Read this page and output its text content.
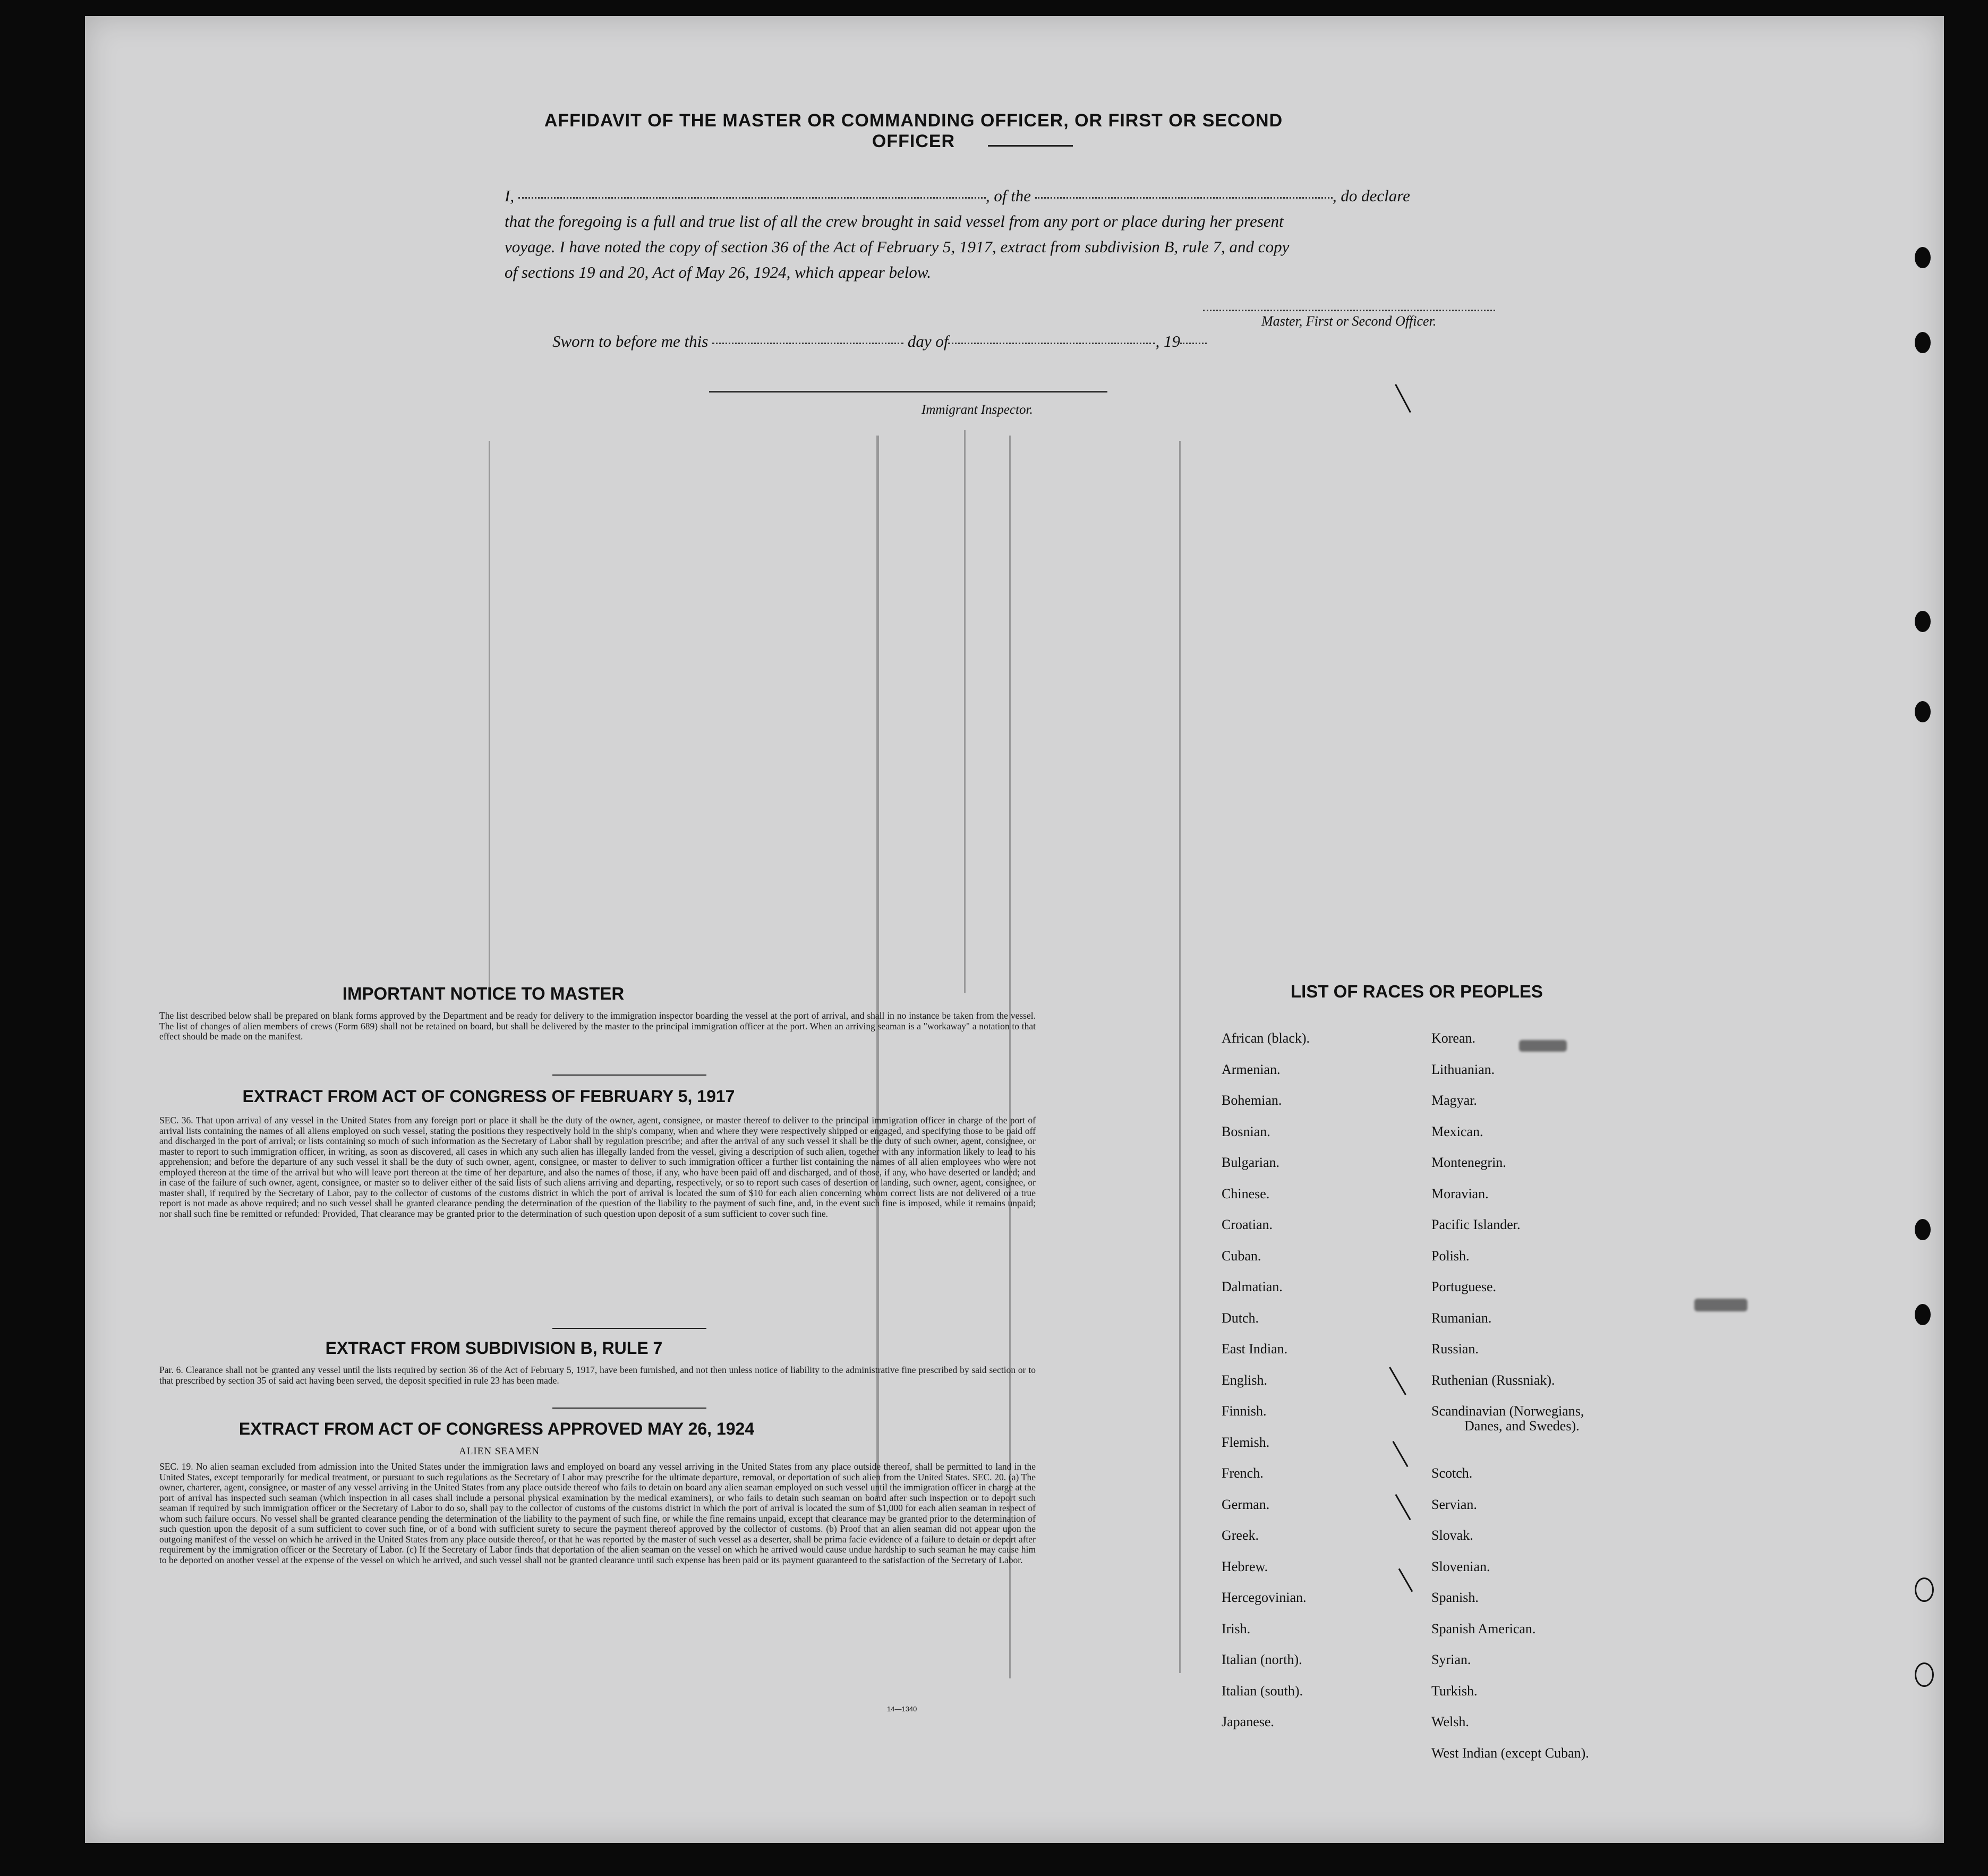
AFFIDAVIT OF THE MASTER OR COMMANDING OFFICER, OR FIRST OR SECOND OFFICER
I,	, of the	, do declare
that the foregoing is a full and true list of all the crew brought in said vessel from any port or place during her present
voyage. I have noted the copy of section 36 of the Act of February 5, 1917, extract from subdivision B, rule 7, and copy
of sections 19 and 20, Act of May 26, 1924, which appear below.
Master, First or Second Officer.
Sworn to before me this	day of	, 19
Immigrant Inspector.
IMPORTANT NOTICE TO MASTER
The list described below shall be prepared on blank forms approved by the Department and be ready for delivery to the immigration inspector boarding the vessel at the port of arrival, and shall in no instance be taken from the vessel. The list of changes of alien members of crews (Form 689) shall not be retained on board, but shall be delivered by the master to the principal immigration officer at the port. When an arriving seaman is a "workaway" a notation to that effect should be made on the manifest.
EXTRACT FROM ACT OF CONGRESS OF FEBRUARY 5, 1917
SEC. 36. That upon arrival of any vessel in the United States from any foreign port or place it shall be the duty of the owner, agent, consignee, or master thereof to deliver to the principal immigration officer in charge of the port of arrival lists containing the names of all aliens employed on such vessel, stating the positions they respectively hold in the ship's company, when and where they were respectively shipped or engaged, and specifying those to be paid off and discharged in the port of arrival; or lists containing so much of such information as the Secretary of Labor shall by regulation prescribe; and after the arrival of any such vessel it shall be the duty of such owner, agent, consignee, or master to report to such immigration officer, in writing, as soon as discovered, all cases in which any such alien has illegally landed from the vessel, giving a description of such alien, together with any information likely to lead to his apprehension; and before the departure of any such vessel it shall be the duty of such owner, agent, consignee, or master to deliver to such immigration officer a further list containing the names of all alien employees who were not employed thereon at the time of the arrival but who will leave port thereon at the time of her departure, and also the names of those, if any, who have been paid off and discharged, and of those, if any, who have deserted or landed; and in case of the failure of such owner, agent, consignee, or master so to deliver either of the said lists of such aliens arriving and departing, respectively, or so to report such cases of desertion or landing, such owner, agent, consignee, or master shall, if required by the Secretary of Labor, pay to the collector of customs of the customs district in which the port of arrival is located the sum of $10 for each alien concerning whom correct lists are not delivered or a true report is not made as above required; and no such vessel shall be granted clearance pending the determination of the question of the liability to the payment of such fine, and, in the event such fine is imposed, while it remains unpaid; nor shall such fine be remitted or refunded: Provided, That clearance may be granted prior to the determination of such question upon deposit of a sum sufficient to cover such fine.
EXTRACT FROM SUBDIVISION B, RULE 7
Par. 6. Clearance shall not be granted any vessel until the lists required by section 36 of the Act of February 5, 1917, have been furnished, and not then unless notice of liability to the administrative fine prescribed by said section or to that prescribed by section 35 of said act having been served, the deposit specified in rule 23 has been made.
EXTRACT FROM ACT OF CONGRESS APPROVED MAY 26, 1924
ALIEN SEAMEN
SEC. 19. No alien seaman excluded from admission into the United States under the immigration laws and employed on board any vessel arriving in the United States from any place outside thereof, shall be permitted to land in the United States, except temporarily for medical treatment, or pursuant to such regulations as the Secretary of Labor may prescribe for the ultimate departure, removal, or deportation of such alien from the United States. SEC. 20. (a) The owner, charterer, agent, consignee, or master of any vessel arriving in the United States from any place outside thereof who fails to detain on board any alien seaman employed on such vessel until the immigration officer in charge at the port of arrival has inspected such seaman (which inspection in all cases shall include a personal physical examination by the medical examiners), or who fails to detain such seaman on board after such inspection or to deport such seaman if required by such immigration officer or the Secretary of Labor to do so, shall pay to the collector of customs of the customs district in which the port of arrival is located the sum of $1,000 for each alien seaman in respect of whom such failure occurs. No vessel shall be granted clearance pending the determination of the liability to the payment of such fine, or while the fine remains unpaid, except that clearance may be granted prior to the determination of such question upon the deposit of a sum sufficient to cover such fine, or of a bond with sufficient surety to secure the payment thereof approved by the collector of customs. (b) Proof that an alien seaman did not appear upon the outgoing manifest of the vessel on which he arrived in the United States from any place outside thereof, or that he was reported by the master of such vessel as a deserter, shall be prima facie evidence of a failure to detain or deport after requirement by the immigration officer or the Secretary of Labor. (c) If the Secretary of Labor finds that deportation of the alien seaman on the vessel on which he arrived would cause undue hardship to such seaman he may cause him to be deported on another vessel at the expense of the vessel on which he arrived, and such vessel shall not be granted clearance until such expense has been paid or its payment guaranteed to the satisfaction of the Secretary of Labor.
14—1340
LIST OF RACES OR PEOPLES
African (black).
Armenian.
Bohemian.
Bosnian.
Bulgarian.
Chinese.
Croatian.
Cuban.
Dalmatian.
Dutch.
East Indian.
English.
Finnish.
Flemish.
French.
German.
Greek.
Hebrew.
Hercegovinian.
Irish.
Italian (north).
Italian (south).
Japanese.
Korean.
Lithuanian.
Magyar.
Mexican.
Montenegrin.
Moravian.
Pacific Islander.
Polish.
Portuguese.
Rumanian.
Russian.
Ruthenian (Russniak).
Scandinavian (Norwegians,
Danes, and Swedes).
Scotch.
Servian.
Slovak.
Slovenian.
Spanish.
Spanish American.
Syrian.
Turkish.
Welsh.
West Indian (except Cuban).
